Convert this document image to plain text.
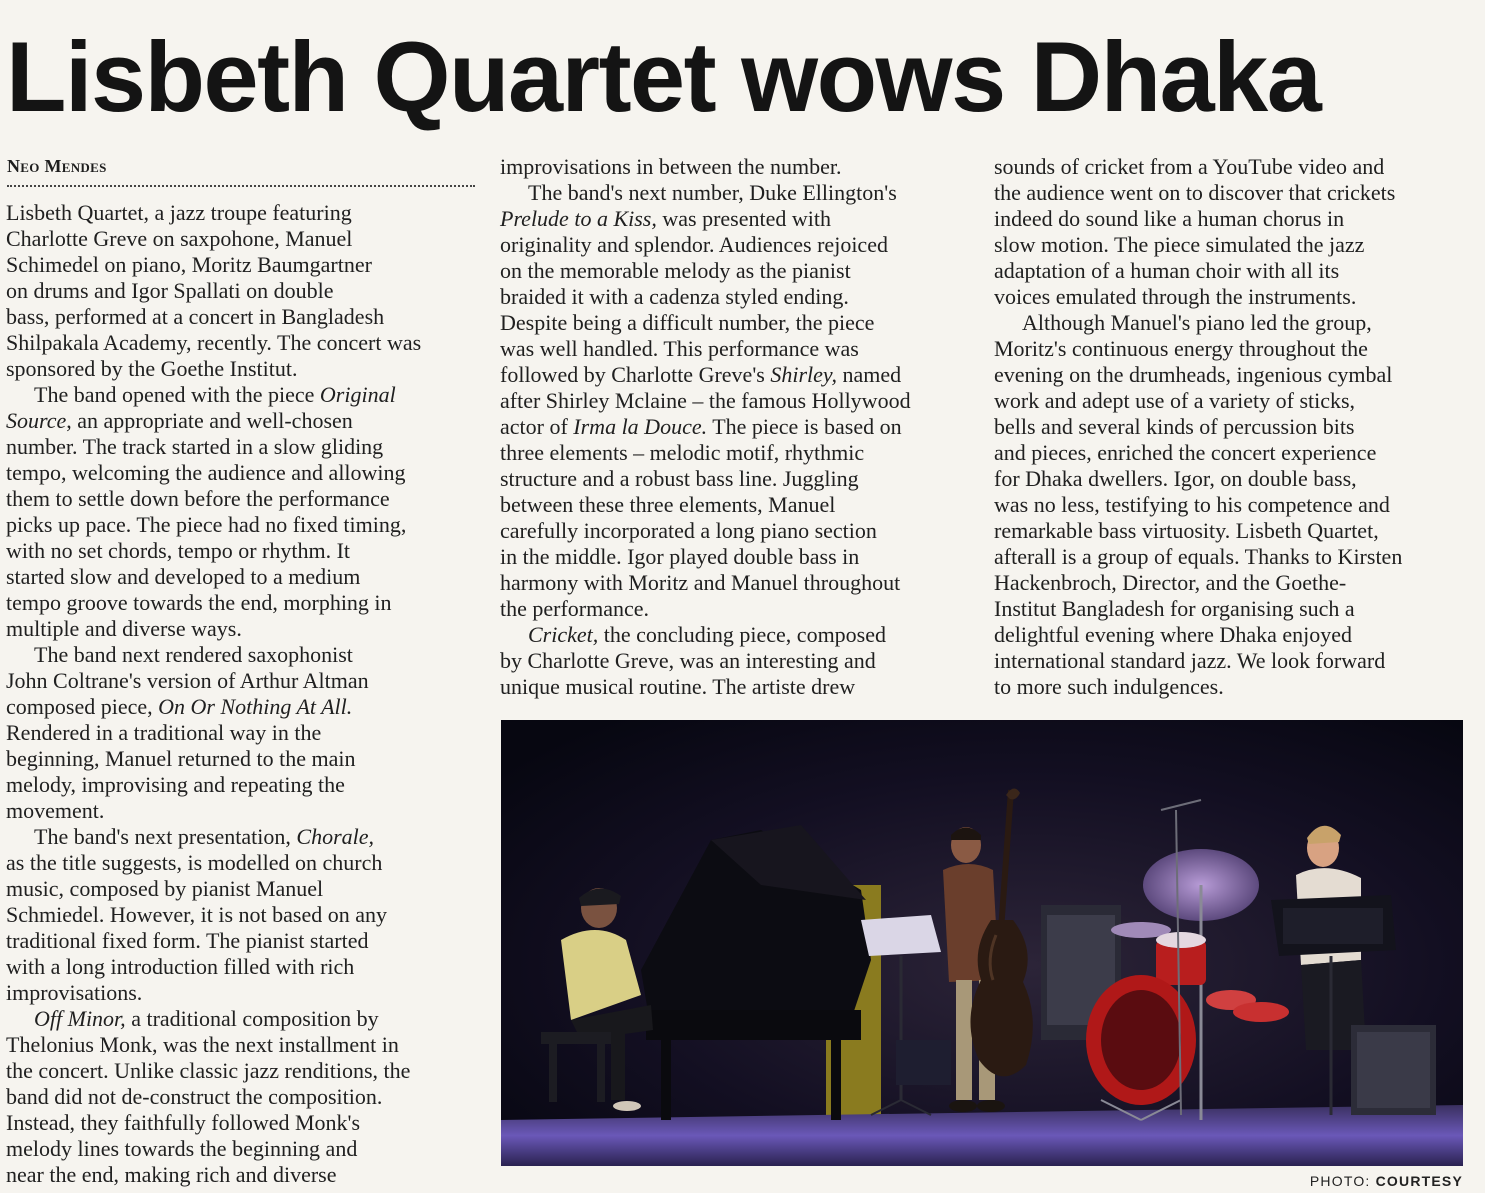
Lisbeth Quartet wows Dhaka
Neo Mendes
Lisbeth Quartet, a jazz troupe featuring
Charlotte Greve on saxpohone, Manuel
Schimedel on piano, Moritz Baumgartner
on drums and Igor Spallati on double
bass, performed at a concert in Bangladesh
Shilpakala Academy, recently. The concert was
sponsored by the Goethe Institut.
The band opened with the piece Original
Source, an appropriate and well-chosen
number. The track started in a slow gliding
tempo, welcoming the audience and allowing
them to settle down before the performance
picks up pace. The piece had no fixed timing,
with no set chords, tempo or rhythm. It
started slow and developed to a medium
tempo groove towards the end, morphing in
multiple and diverse ways.
The band next rendered saxophonist
John Coltrane's version of Arthur Altman
composed piece, On Or Nothing At All.
Rendered in a traditional way in the
beginning, Manuel returned to the main
melody, improvising and repeating the
movement.
The band's next presentation, Chorale,
as the title suggests, is modelled on church
music, composed by pianist Manuel
Schmiedel. However, it is not based on any
traditional fixed form. The pianist started
with a long introduction filled with rich
improvisations.
Off Minor, a traditional composition by
Thelonius Monk, was the next installment in
the concert. Unlike classic jazz renditions, the
band did not de-construct the composition.
Instead, they faithfully followed Monk's
melody lines towards the beginning and
near the end, making rich and diverse
improvisations in between the number.
The band's next number, Duke Ellington's
Prelude to a Kiss, was presented with
originality and splendor. Audiences rejoiced
on the memorable melody as the pianist
braided it with a cadenza styled ending.
Despite being a difficult number, the piece
was well handled. This performance was
followed by Charlotte Greve's Shirley, named
after Shirley Mclaine – the famous Hollywood
actor of Irma la Douce. The piece is based on
three elements – melodic motif, rhythmic
structure and a robust bass line. Juggling
between these three elements, Manuel
carefully incorporated a long piano section
in the middle. Igor played double bass in
harmony with Moritz and Manuel throughout
the performance.
Cricket, the concluding piece, composed
by Charlotte Greve, was an interesting and
unique musical routine. The artiste drew
sounds of cricket from a YouTube video and
the audience went on to discover that crickets
indeed do sound like a human chorus in
slow motion. The piece simulated the jazz
adaptation of a human choir with all its
voices emulated through the instruments.
Although Manuel's piano led the group,
Moritz's continuous energy throughout the
evening on the drumheads, ingenious cymbal
work and adept use of a variety of sticks,
bells and several kinds of percussion bits
and pieces, enriched the concert experience
for Dhaka dwellers. Igor, on double bass,
was no less, testifying to his competence and
remarkable bass virtuosity. Lisbeth Quartet,
afterall is a group of equals. Thanks to Kirsten
Hackenbroch, Director, and the Goethe-
Institut Bangladesh for organising such a
delightful evening where Dhaka enjoyed
international standard jazz. We look forward
to more such indulgences.
PHOTO: COURTESY
